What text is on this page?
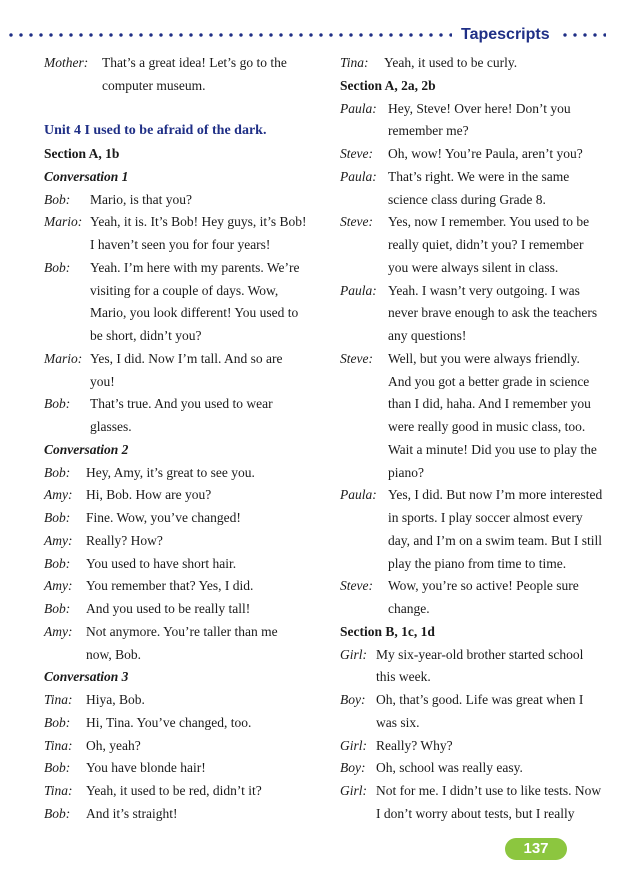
Tapescripts
Mother:	That’s a great idea! Let’s go to the
computer museum.
Unit 4 I used to be afraid of the dark.
Section A, 1b
Conversation 1
Bob:	Mario, is that you?
Mario: Yeah, it is. It’s Bob! Hey guys, it’s Bob!
I haven’t seen you for four years!
Bob:	Yeah. I’m here with my parents. We’re
visiting for a couple of days. Wow,
Mario, you look different! You used to
be short, didn’t you?
Mario: Yes, I did. Now I’m tall. And so are
you!
Bob:	That’s true. And you used to wear
glasses.
Conversation 2
Bob:	Hey, Amy, it’s great to see you.
Amy:	Hi, Bob. How are you?
Bob:	Fine. Wow, you’ve changed!
Amy:	Really? How?
Bob:	You used to have short hair.
Amy:	You remember that? Yes, I did.
Bob:	And you used to be really tall!
Amy:	Not anymore. You’re taller than me
now, Bob.
Conversation 3
Tina: Hiya, Bob.
Bob:	Hi, Tina. You’ve changed, too.
Tina: Oh, yeah?
Bob:	You have blonde hair!
Tina: Yeah, it used to be red, didn’t it?
Bob:	And it’s straight!
Tina:	Yeah, it used to be curly.
Section A, 2a, 2b
Paula: Hey, Steve! Over here! Don’t you
remember me?
Steve:	Oh, wow! You’re Paula, aren’t you?
Paula: That’s right. We were in the same
science class during Grade 8.
Steve:	Yes, now I remember. You used to be
really quiet, didn’t you? I remember
you were always silent in class.
Paula: Yeah. I wasn’t very outgoing. I was
never brave enough to ask the teachers
any questions!
Steve:	Well, but you were always friendly.
And you got a better grade in science
than I did, haha. And I remember you
were really good in music class, too.
Wait a minute! Did you use to play the
piano?
Paula: Yes, I did. But now I’m more interested
in sports. I play soccer almost every
day, and I’m on a swim team. But I still
play the piano from time to time.
Steve:	Wow, you’re so active! People sure
change.
Section B, 1c, 1d
Girl: My six-year-old brother started school
this week.
Boy: Oh, that’s good. Life was great when I
was six.
Girl: Really? Why?
Boy: Oh, school was really easy.
Girl: Not for me. I didn’t use to like tests. Now
I don’t worry about tests, but I really
137
